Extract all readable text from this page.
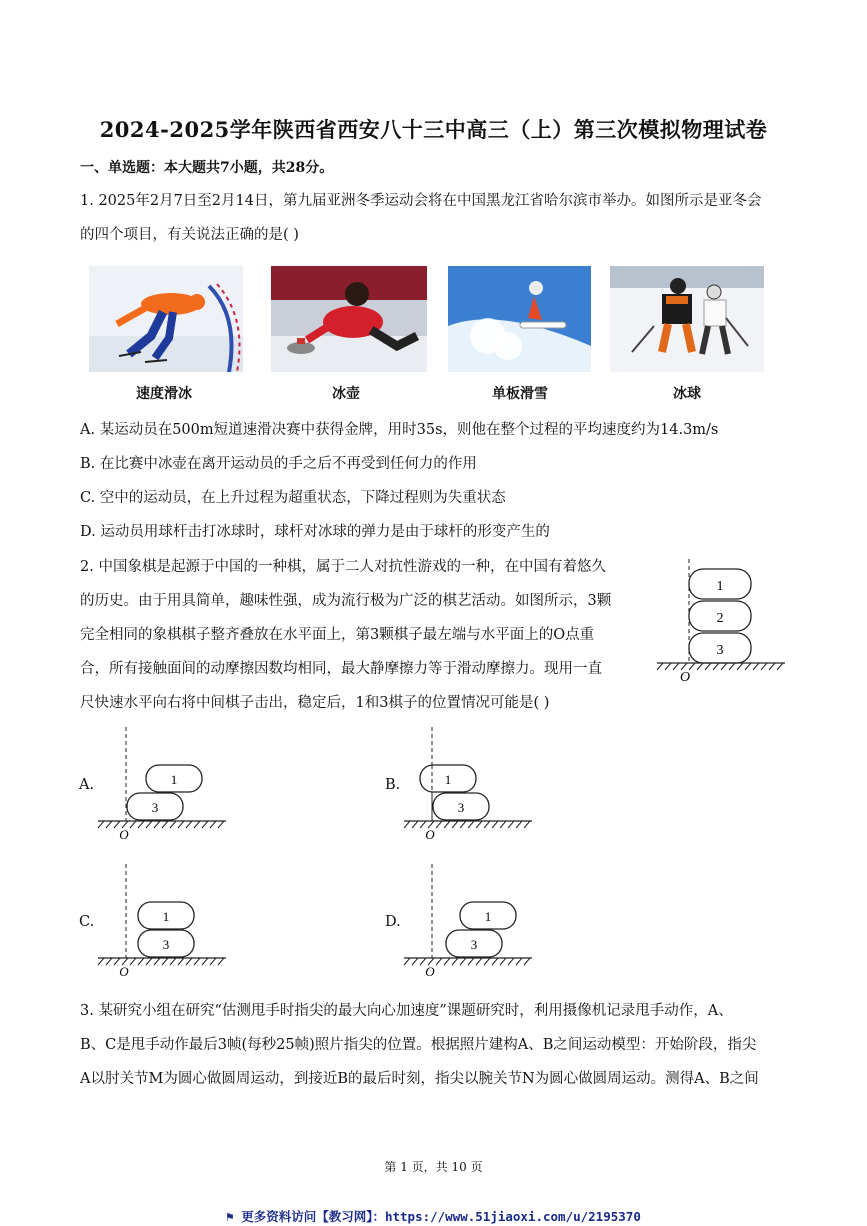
2024-2025学年陕西省西安八十三中高三（上）第三次模拟物理试卷
一、单选题：本大题共7小题，共28分。
1. 2025年2月7日至2月14日，第九届亚洲冬季运动会将在中国黑龙江省哈尔滨市举办。如图所示是亚冬会
的四个项目，有关说法正确的是( )
速度滑冰	冰壶	单板滑雪	冰球
A. 某运动员在500m短道速滑决赛中获得金牌，用时35s，则他在整个过程的平均速度约为14.3m/s
B. 在比赛中冰壶在离开运动员的手之后不再受到任何力的作用
C. 空中的运动员，在上升过程为超重状态，下降过程则为失重状态
D. 运动员用球杆击打冰球时，球杆对冰球的弹力是由于球杆的形变产生的
2. 中国象棋是起源于中国的一种棋，属于二人对抗性游戏的一种，在中国有着悠久
的历史。由于用具简单，趣味性强，成为流行极为广泛的棋艺活动。如图所示，3颗
完全相同的象棋棋子整齐叠放在水平面上，第3颗棋子最左端与水平面上的O点重
合，所有接触面间的动摩擦因数均相同，最大静摩擦力等于滑动摩擦力。现用一直
尺快速水平向右将中间棋子击出，稳定后，1和3棋子的位置情况可能是( )
1
2
3
O
A.	1
3
O
B.	1
3
O
C.	1
3
O
D.	1
3
O
3. 某研究小组在研究“估测甩手时指尖的最大向心加速度”课题研究时，利用摄像机记录甩手动作，A、
B、C是甩手动作最后3帧(每秒25帧)照片指尖的位置。根据照片建构A、B之间运动模型：开始阶段，指尖
A以肘关节M为圆心做圆周运动，到接近B的最后时刻，指尖以腕关节N为圆心做圆周运动。测得A、B之间
第 1 页，共 10 页
⚑ 更多资料访问【教习网】：https://www.51jiaoxi.com/u/2195370
